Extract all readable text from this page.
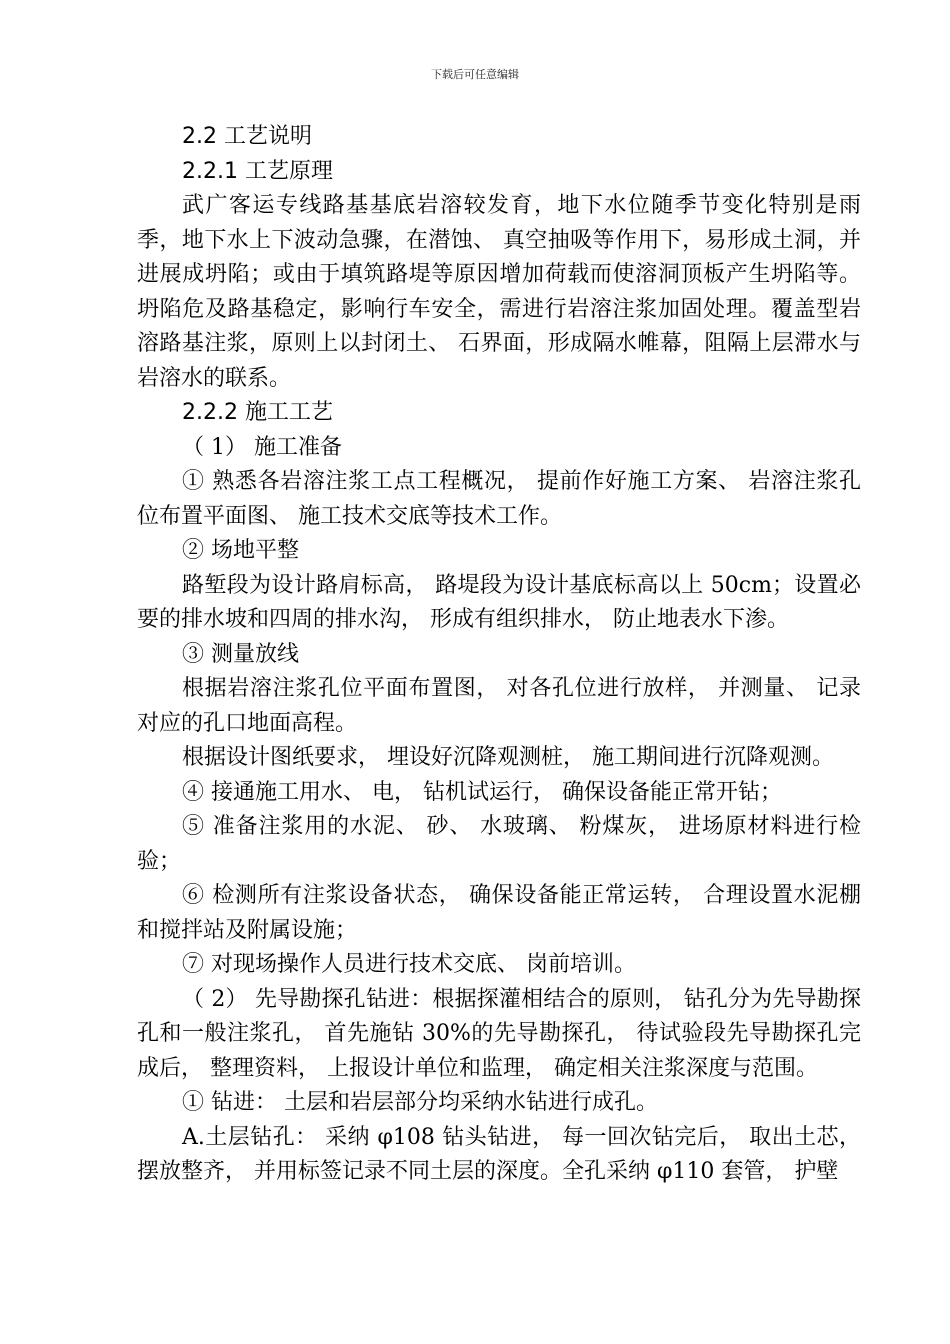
下载后可任意编辑

2.2 工艺说明

2.2.1 工艺原理

武广客运专线路基基底岩溶较发育，地下水位随季节变化特别是雨季，地下水上下波动急骤，在潜蚀、 真空抽吸等作用下，易形成土洞，并进展成坍陷；或由于填筑路堤等原因增加荷载而使溶洞顶板产生坍陷等。坍陷危及路基稳定，影响行车安全，需进行岩溶注浆加固处理。覆盖型岩溶路基注浆，原则上以封闭土、 石界面，形成隔水帷幕，阻隔上层滞水与岩溶水的联系。

2.2.2 施工工艺

（ 1） 施工准备

① 熟悉各岩溶注浆工点工程概况， 提前作好施工方案、 岩溶注浆孔位布置平面图、 施工技术交底等技术工作。

② 场地平整

路堑段为设计路肩标高， 路堤段为设计基底标高以上 50cm；设置必要的排水坡和四周的排水沟， 形成有组织排水， 防止地表水下渗。

③ 测量放线

根据岩溶注浆孔位平面布置图， 对各孔位进行放样， 并测量、 记录对应的孔口地面高程。

根据设计图纸要求， 埋设好沉降观测桩， 施工期间进行沉降观测。

④ 接通施工用水、 电， 钻机试运行， 确保设备能正常开钻；

⑤ 准备注浆用的水泥、 砂、 水玻璃、 粉煤灰， 进场原材料进行检验；

⑥ 检测所有注浆设备状态， 确保设备能正常运转， 合理设置水泥棚和搅拌站及附属设施；

⑦ 对现场操作人员进行技术交底、 岗前培训。

（ 2） 先导勘探孔钻进：根据探灌相结合的原则， 钻孔分为先导勘探孔和一般注浆孔， 首先施钻 30%的先导勘探孔， 待试验段先导勘探孔完成后， 整理资料， 上报设计单位和监理， 确定相关注浆深度与范围。

① 钻进： 土层和岩层部分均采纳水钻进行成孔。

A.土层钻孔： 采纳 φ108 钻头钻进， 每一回次钻完后， 取出土芯， 摆放整齐， 并用标签记录不同土层的深度。全孔采纳 φ110 套管， 护壁
